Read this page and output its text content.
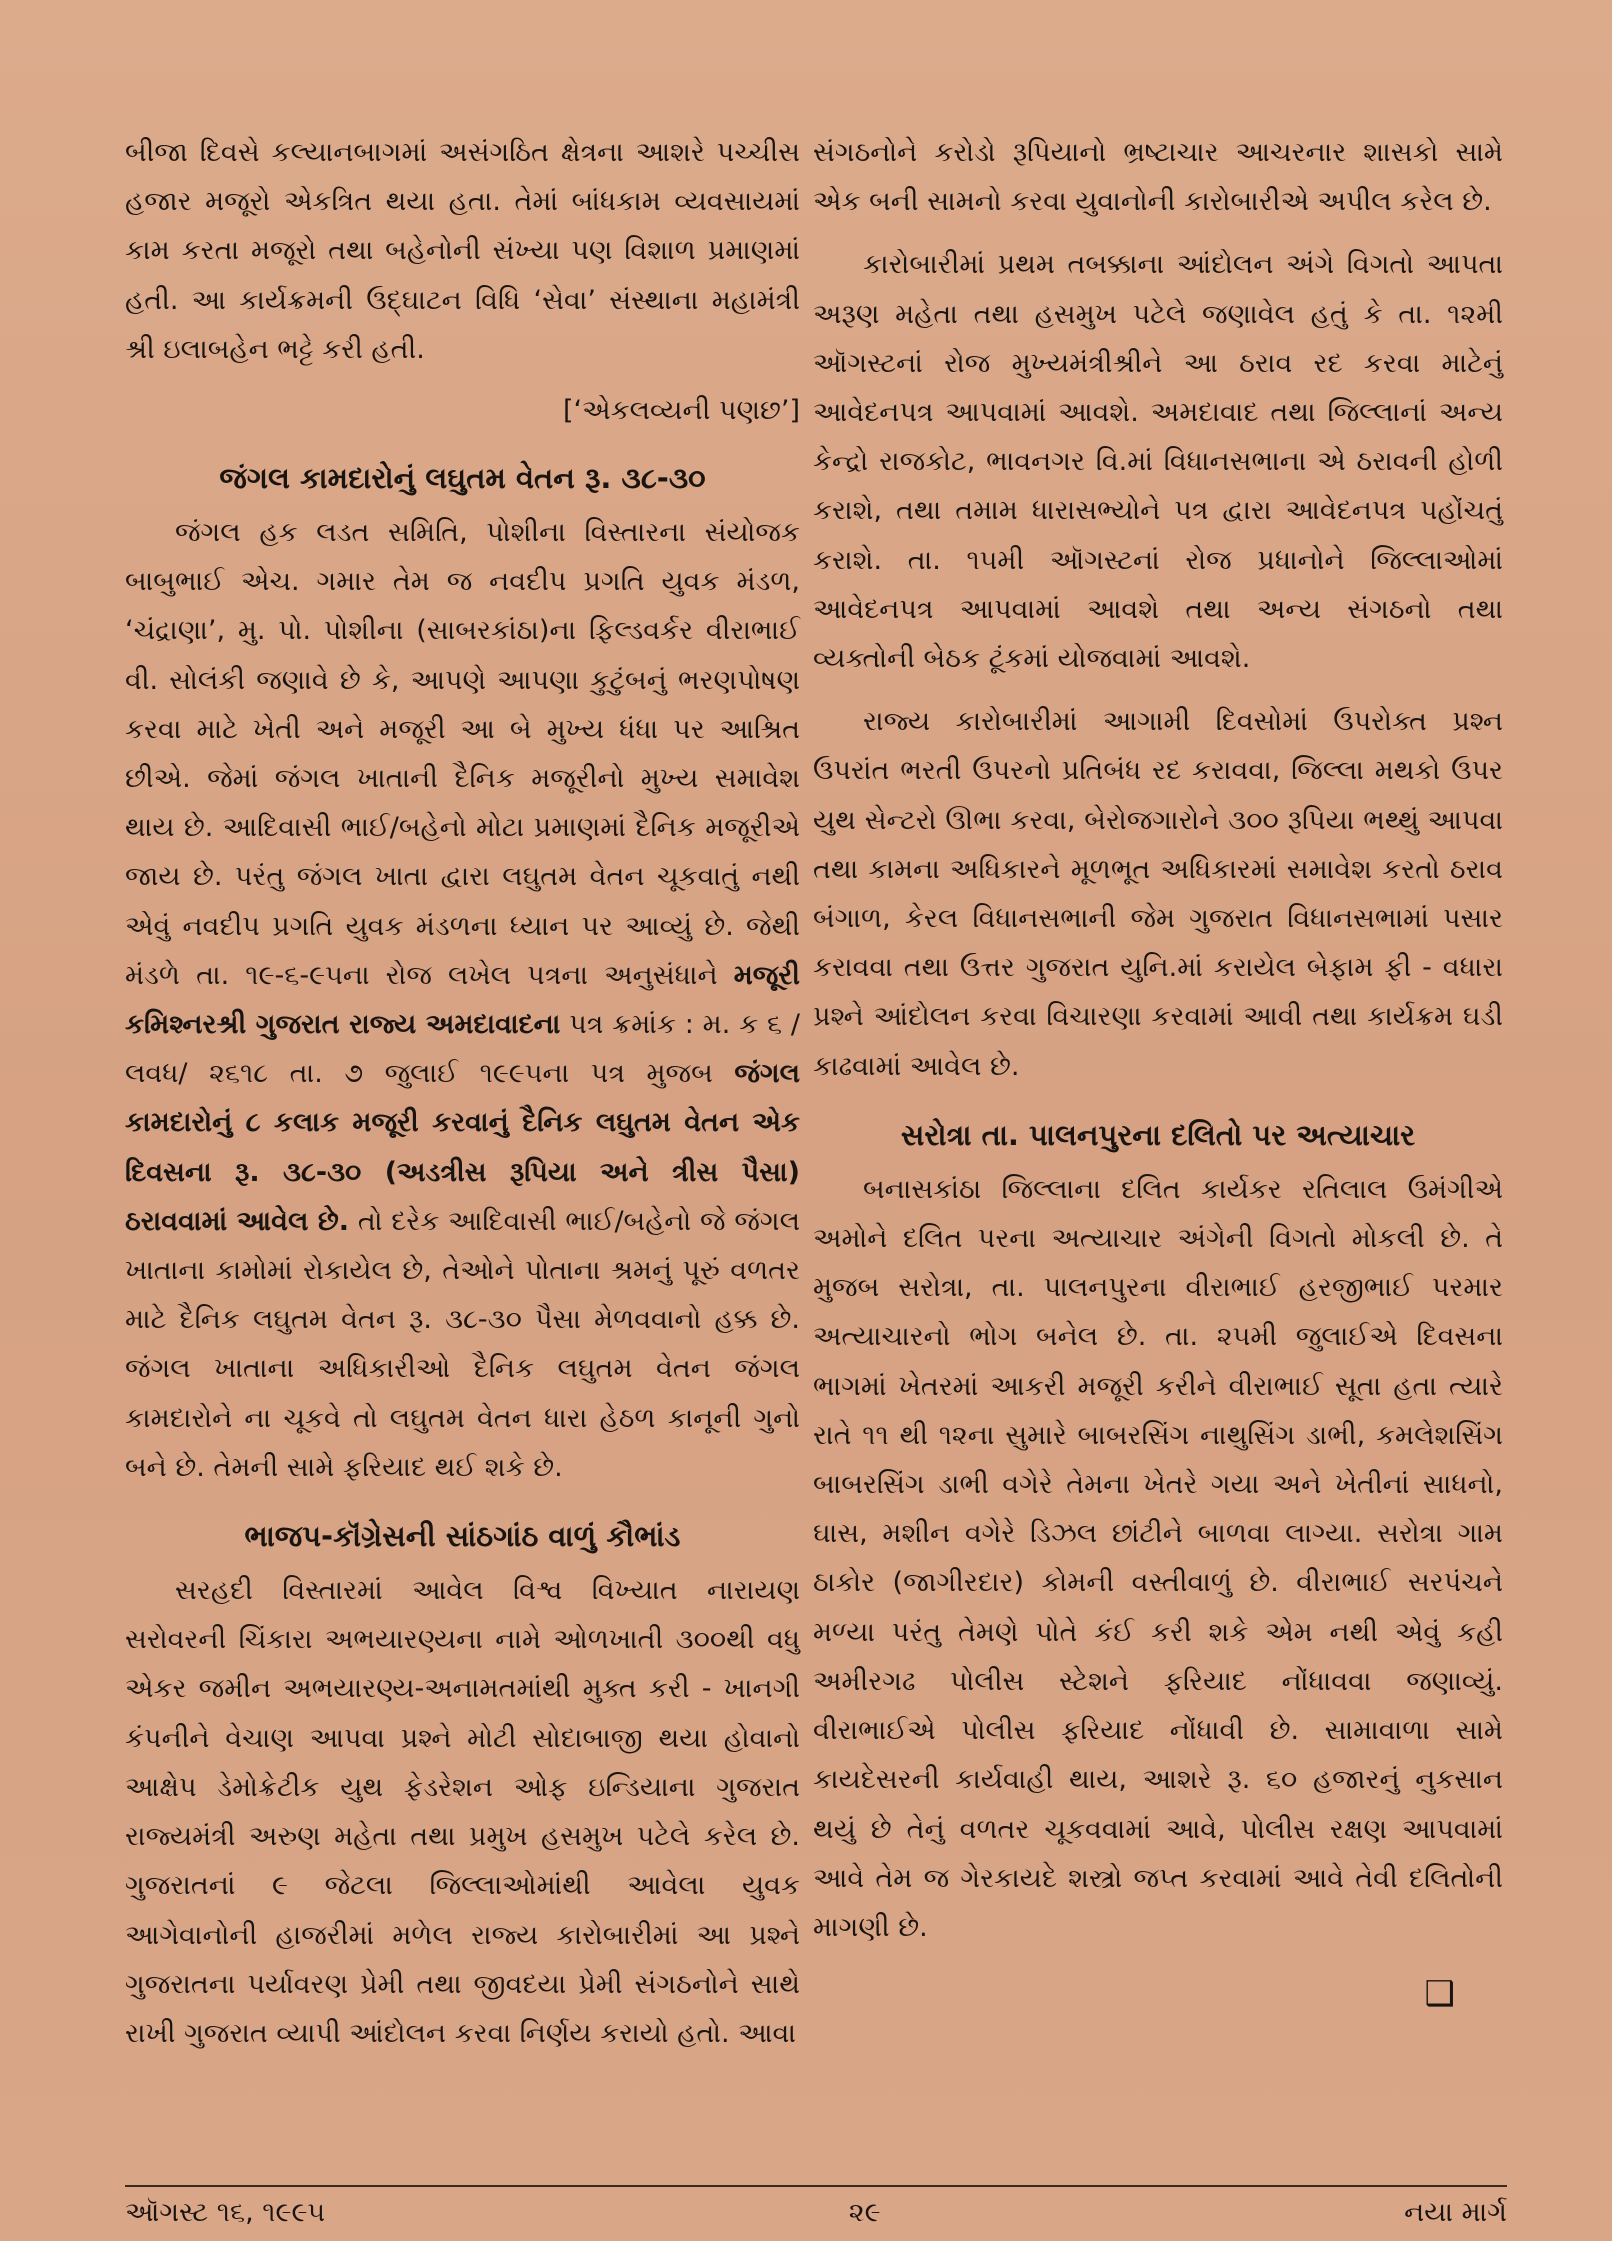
બીજા દિવસે કલ્યાનબાગમાં અસંગઠિત ક્ષેત્રના આશરે પચ્ચીસ હજાર મજૂરો એકત્રિત થયા હતા. તેમાં બાંધકામ વ્યવસાયમાં કામ કરતા મજૂરો તથા બહેનોની સંખ્યા પણ વિશાળ પ્રમાણમાં હતી. આ કાર્યક્રમની ઉદ્ઘાટન વિધિ ‘સેવા’ સંસ્થાના મહામંત્રી શ્રી ઇલાબહેન ભટ્ટે કરી હતી.

[‘એકલવ્યની પણછ’]

જંગલ કામદારોનું લઘુતમ વેતન રૂ. ૩૮-૩૦

જંગલ હક લડત સમિતિ, પોશીના વિસ્તારના સંયોજક બાબુભાઈ એચ. ગમાર તેમ જ નવદીપ પ્રગતિ યુવક મંડળ, ‘ચંદ્રાણા’, મુ. પો. પોશીના (સાબરકાંઠા)ના ફિલ્ડવર્કર વીરાભાઈ વી. સોલંકી જણાવે છે કે, આપણે આપણા કુટુંબનું ભરણપોષણ કરવા માટે ખેતી અને મજૂરી આ બે મુખ્ય ધંધા પર આશ્રિત છીએ. જેમાં જંગલ ખાતાની દૈનિક મજૂરીનો મુખ્ય સમાવેશ થાય છે. આદિવાસી ભાઈ/બહેનો મોટા પ્રમાણમાં દૈનિક મજૂરીએ જાય છે. પરંતુ જંગલ ખાતા દ્વારા લઘુતમ વેતન ચૂકવાતું નથી એવું નવદીપ પ્રગતિ યુવક મંડળના ધ્યાન પર આવ્યું છે. જેથી મંડળે તા. ૧૯-૬-૯૫ના રોજ લખેલ પત્રના અનુસંધાને મજૂરી કમિશ્નરશ્રી ગુજરાત રાજ્ય અમદાવાદના પત્ર ક્રમાંક : મ. ક ૬ / લવધ/ ૨૬૧૮ તા. ૭ જુલાઈ ૧૯૯૫ના પત્ર મુજબ જંગલ કામદારોનું ૮ કલાક મજૂરી કરવાનું દૈનિક લઘુતમ વેતન એક દિવસના રૂ. ૩૮-૩૦ (અડત્રીસ રૂપિયા અને ત્રીસ પૈસા) ઠરાવવામાં આવેલ છે. તો દરેક આદિવાસી ભાઈ/બહેનો જે જંગલ ખાતાના કામોમાં રોકાયેલ છે, તેઓને પોતાના શ્રમનું પૂરું વળતર માટે દૈનિક લઘુતમ વેતન રૂ. ૩૮-૩૦ પૈસા મેળવવાનો હક્ક છે. જંગલ ખાતાના અધિકારીઓ દૈનિક લઘુતમ વેતન જંગલ કામદારોને ના ચૂકવે તો લઘુતમ વેતન ધારા હેઠળ કાનૂની ગુનો બને છે. તેમની સામે ફરિયાદ થઈ શકે છે.

ભાજપ-કૉંગ્રેસની સાંઠગાંઠ વાળું કૌભાંડ

સરહદી વિસ્તારમાં આવેલ વિશ્વ વિખ્યાત નારાયણ સરોવરની ચિંકારા અભયારણ્યના નામે ઓળખાતી ૩૦૦થી વધુ એકર જમીન અભયારણ્ય-અનામતમાંથી મુક્ત કરી - ખાનગી કંપનીને વેચાણ આપવા પ્રશ્ને મોટી સોદાબાજી થયા હોવાનો આક્ષેપ ડેમોક્રેટીક યુથ ફેડરેશન ઓફ ઇન્ડિયાના ગુજરાત રાજ્યમંત્રી અરુણ મહેતા તથા પ્રમુખ હસમુખ પટેલે કરેલ છે. ગુજરાતનાં ૯ જેટલા જિલ્લાઓમાંથી આવેલા યુવક આગેવાનોની હાજરીમાં મળેલ રાજ્ય કારોબારીમાં આ પ્રશ્ને ગુજરાતના પર્યાવરણ પ્રેમી તથા જીવદયા પ્રેમી સંગઠનોને સાથે રાખી ગુજરાત વ્યાપી આંદોલન કરવા નિર્ણય કરાયો હતો. આવા

સંગઠનોને કરોડો રૂપિયાનો ભ્રષ્ટાચાર આચરનાર શાસકો સામે એક બની સામનો કરવા યુવાનોની કારોબારીએ અપીલ કરેલ છે.

કારોબારીમાં પ્રથમ તબક્કાના આંદોલન અંગે વિગતો આપતા અરૂણ મહેતા તથા હસમુખ પટેલે જણાવેલ હતું કે તા. ૧૨મી ઑગસ્ટનાં રોજ મુખ્યમંત્રીશ્રીને આ ઠરાવ રદ કરવા માટેનું આવેદનપત્ર આપવામાં આવશે. અમદાવાદ તથા જિલ્લાનાં અન્ય કેન્દ્રો રાજકોટ, ભાવનગર વિ.માં વિધાનસભાના એ ઠરાવની હોળી કરાશે, તથા તમામ ધારાસભ્યોને પત્ર દ્વારા આવેદનપત્ર પહોંચતું કરાશે. તા. ૧૫મી ઑગસ્ટનાં રોજ પ્રધાનોને જિલ્લાઓમાં આવેદનપત્ર આપવામાં આવશે તથા અન્ય સંગઠનો તથા વ્યક્તોની બેઠક ટૂંકમાં યોજવામાં આવશે.

રાજ્ય કારોબારીમાં આગામી દિવસોમાં ઉપરોક્ત પ્રશ્ન ઉપરાંત ભરતી ઉપરનો પ્રતિબંધ રદ કરાવવા, જિલ્લા મથકો ઉપર યુથ સેન્ટરો ઊભા કરવા, બેરોજગારોને ૩૦૦ રૂપિયા ભથ્થું આપવા તથા કામના અધિકારને મૂળભૂત અધિકારમાં સમાવેશ કરતો ઠરાવ બંગાળ, કેરલ વિધાનસભાની જેમ ગુજરાત વિધાનસભામાં પસાર કરાવવા તથા ઉત્તર ગુજરાત યુનિ.માં કરાયેલ બેફામ ફી - વધારા પ્રશ્ને આંદોલન કરવા વિચારણા કરવામાં આવી તથા કાર્યક્રમ ઘડી કાઢવામાં આવેલ છે.

સરોત્રા તા. પાલનપુરના દલિતો પર અત્યાચાર

બનાસકાંઠા જિલ્લાના દલિત કાર્યકર રતિલાલ ઉમંગીએ અમોને દલિત પરના અત્યાચાર અંગેની વિગતો મોકલી છે. તે મુજબ સરોત્રા, તા. પાલનપુરના વીરાભાઈ હરજીભાઈ પરમાર અત્યાચારનો ભોગ બનેલ છે. તા. ૨૫મી જુલાઈએ દિવસના ભાગમાં ખેતરમાં આકરી મજૂરી કરીને વીરાભાઈ સૂતા હતા ત્યારે રાતે ૧૧ થી ૧૨ના સુમારે બાબરસિંગ નાથુસિંગ ડાભી, કમલેશસિંગ બાબરસિંગ ડાભી વગેરે તેમના ખેતરે ગયા અને ખેતીનાં સાધનો, ઘાસ, મશીન વગેરે ડિઝલ છાંટીને બાળવા લાગ્યા. સરોત્રા ગામ ઠાકોર (જાગીરદાર) કોમની વસ્તીવાળું છે. વીરાભાઈ સરપંચને મળ્યા પરંતુ તેમણે પોતે કંઈ કરી શકે એમ નથી એવું કહી અમીરગઢ પોલીસ સ્ટેશને ફરિયાદ નોંધાવવા જણાવ્યું. વીરાભાઈએ પોલીસ ફરિયાદ નોંધાવી છે. સામાવાળા સામે કાયદેસરની કાર્યવાહી થાય, આશરે રૂ. ૬૦ હજારનું નુકસાન થયું છે તેનું વળતર ચૂકવવામાં આવે, પોલીસ રક્ષણ આપવામાં આવે તેમ જ ગેરકાયદે શસ્ત્રો જપ્ત કરવામાં આવે તેવી દલિતોની માગણી છે.

❑
ઑગસ્ટ ૧૬, ૧૯૯૫	૨૯	નયા માર્ગ
